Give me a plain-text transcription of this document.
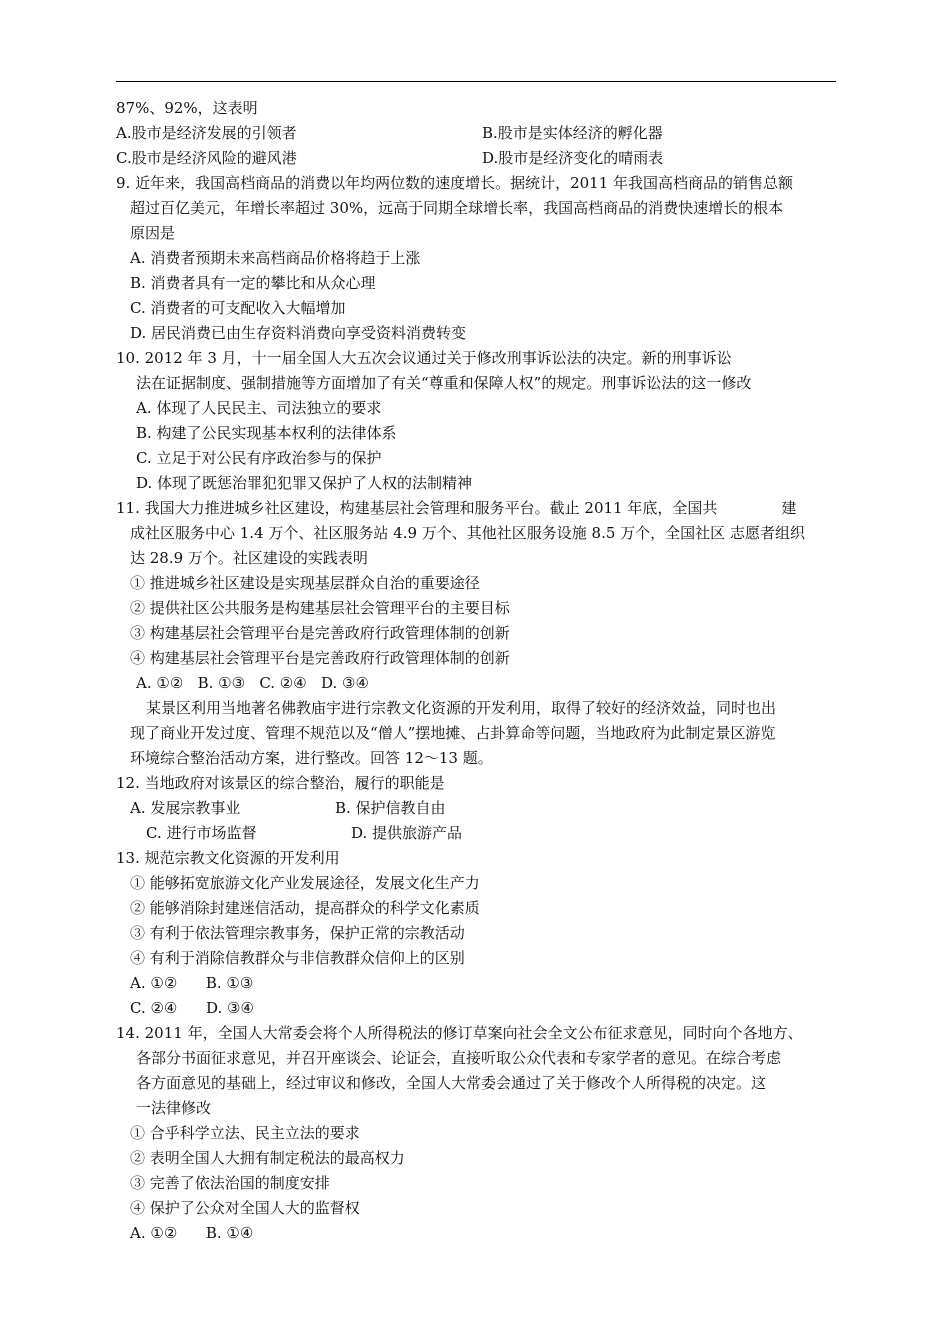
87%、92%，这表明
A.股市是经济发展的引领者	B.股市是实体经济的孵化器
C.股市是经济风险的避风港	D.股市是经济变化的晴雨表
9. 近年来，我国高档商品的消费以年均两位数的速度增长。据统计，2011 年我国高档商品的销售总额
超过百亿美元，年增长率超过 30%，远高于同期全球增长率，我国高档商品的消费快速增长的根本
原因是
A. 消费者预期未来高档商品价格将趋于上涨
B. 消费者具有一定的攀比和从众心理
C. 消费者的可支配收入大幅增加
D. 居民消费已由生存资料消费向享受资料消费转变
10. 2012 年 3 月，十一届全国人大五次会议通过关于修改刑事诉讼法的决定。新的刑事诉讼
法在证据制度、强制措施等方面增加了有关“尊重和保障人权”的规定。刑事诉讼法的这一修改
A. 体现了人民民主、司法独立的要求
B. 构建了公民实现基本权利的法律体系
C. 立足于对公民有序政治参与的保护
D. 体现了既惩治罪犯犯罪又保护了人权的法制精神
11. 我国大力推进城乡社区建设，构建基层社会管理和服务平台。截止 2011 年底，全国共	建
成社区服务中心 1.4 万个、社区服务站 4.9 万个、其他社区服务设施 8.5 万个，全国社区 志愿者组织
达 28.9 万个。社区建设的实践表明
① 推进城乡社区建设是实现基层群众自治的重要途径
② 提供社区公共服务是构建基层社会管理平台的主要目标
③ 构建基层社会管理平台是完善政府行政管理体制的创新
④ 构建基层社会管理平台是完善政府行政管理体制的创新
A. ①②   B. ①③   C. ②④   D. ③④
某景区利用当地著名佛教庙宇进行宗教文化资源的开发利用，取得了较好的经济效益，同时也出
现了商业开发过度、管理不规范以及“僧人”摆地摊、占卦算命等问题，当地政府为此制定景区游览
环境综合整治活动方案，进行整改。回答 12～13 题。
12. 当地政府对该景区的综合整治，履行的职能是
A. 发展宗教事业	B. 保护信教自由
C. 进行市场监督	D. 提供旅游产品
13. 规范宗教文化资源的开发利用
① 能够拓宽旅游文化产业发展途径，发展文化生产力
② 能够消除封建迷信活动，提高群众的科学文化素质
③ 有利于依法管理宗教事务，保护正常的宗教活动
④ 有利于消除信教群众与非信教群众信仰上的区别
A. ①②      B. ①③
C. ②④      D. ③④
14. 2011 年，全国人大常委会将个人所得税法的修订草案向社会全文公布征求意见，同时向个各地方、
各部分书面征求意见，并召开座谈会、论证会，直接听取公众代表和专家学者的意见。在综合考虑
各方面意见的基础上，经过审议和修改，全国人大常委会通过了关于修改个人所得税的决定。这
一法律修改
① 合乎科学立法、民主立法的要求
② 表明全国人大拥有制定税法的最高权力
③ 完善了依法治国的制度安排
④ 保护了公众对全国人大的监督权
A. ①②      B. ①④
